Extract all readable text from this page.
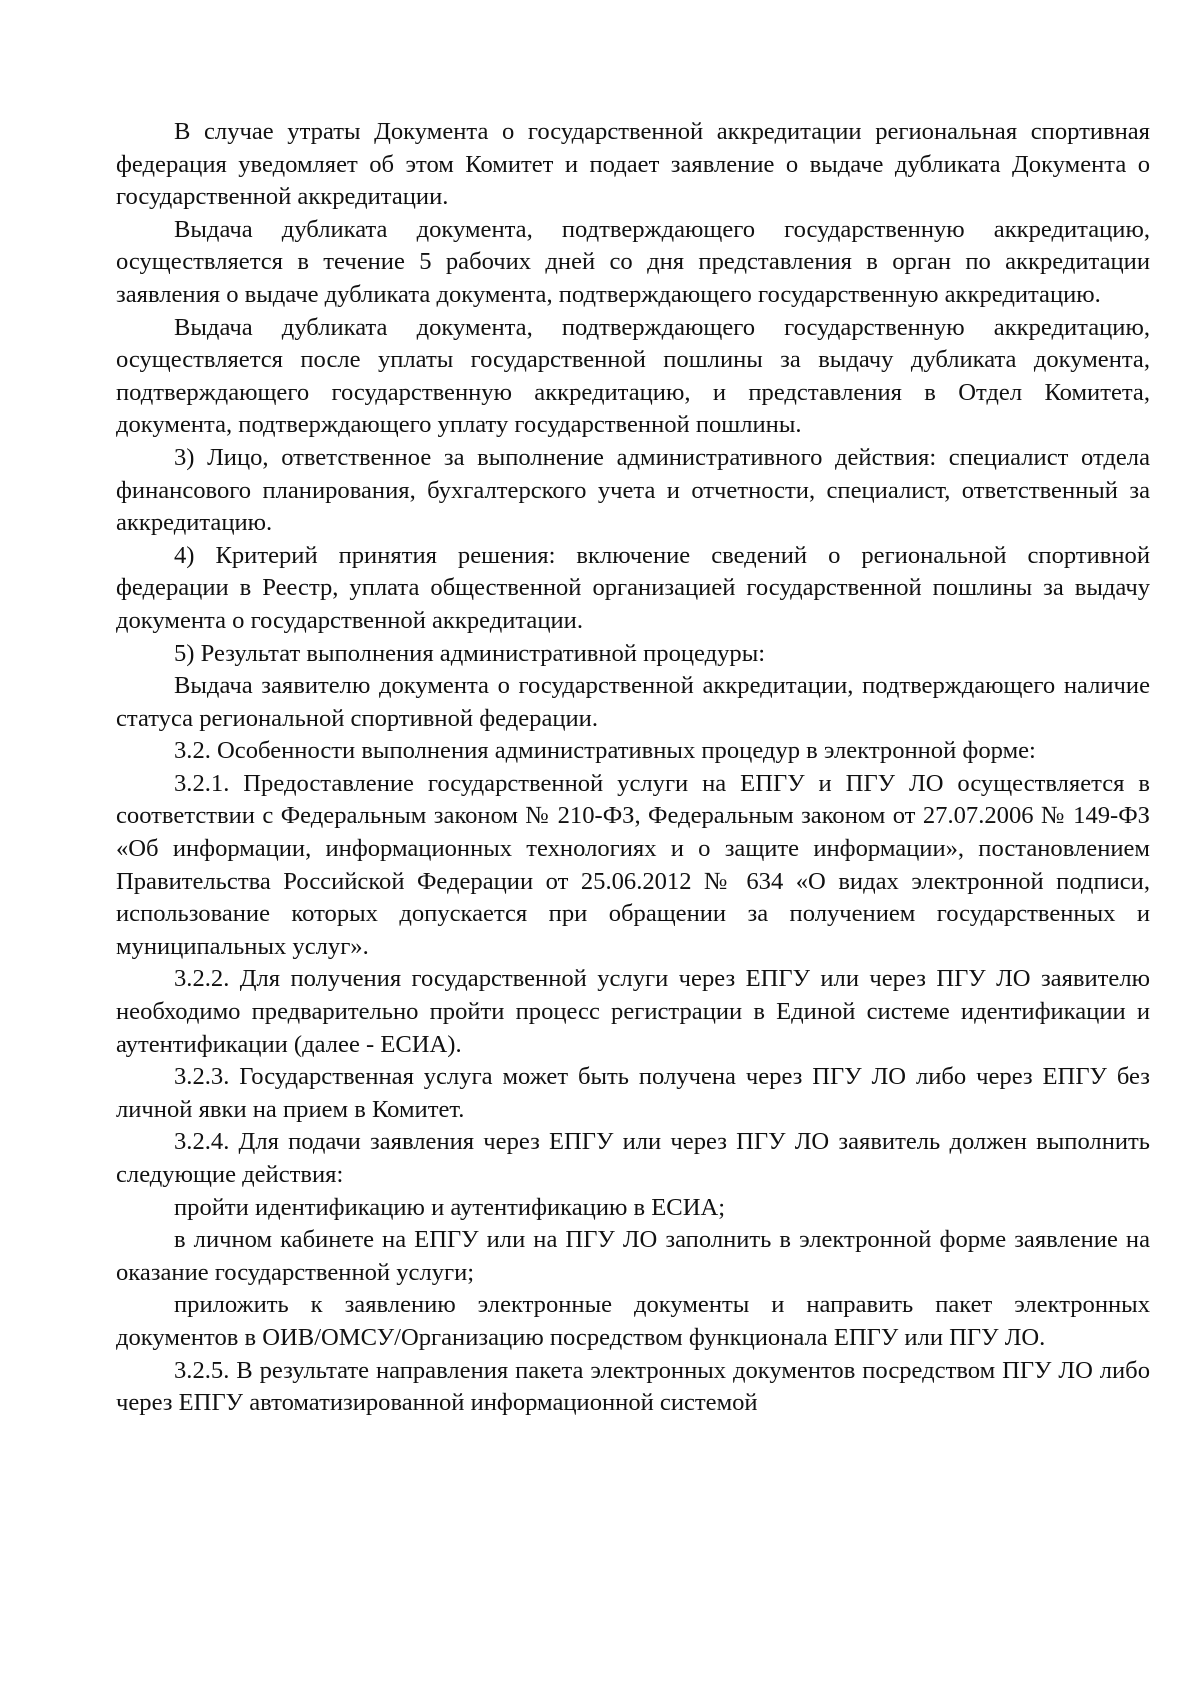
В случае утраты Документа о государственной аккредитации региональная спортивная федерация уведомляет об этом Комитет и подает заявление о выдаче дубликата Документа о государственной аккредитации.

Выдача дубликата документа, подтверждающего государственную аккредитацию, осуществляется в течение 5 рабочих дней со дня представления в орган по аккредитации заявления о выдаче дубликата документа, подтверждающего государственную аккредитацию.

Выдача дубликата документа, подтверждающего государственную аккредитацию, осуществляется после уплаты государственной пошлины за выдачу дубликата документа, подтверждающего государственную аккредитацию, и представления в Отдел Комитета, документа, подтверждающего уплату государственной пошлины.

3) Лицо, ответственное за выполнение административного действия: специалист отдела финансового планирования, бухгалтерского учета и отчетности, специалист, ответственный за аккредитацию.

4) Критерий принятия решения: включение сведений о региональной спортивной федерации в Реестр, уплата общественной организацией государственной пошлины за выдачу документа о государственной аккредитации.

5) Результат выполнения административной процедуры:

Выдача заявителю документа о государственной аккредитации, подтверждающего наличие статуса региональной спортивной федерации.

3.2. Особенности выполнения административных процедур в электронной форме:

3.2.1. Предоставление государственной услуги на ЕПГУ и ПГУ ЛО осуществляется в соответствии с Федеральным законом № 210-ФЗ, Федеральным законом от 27.07.2006 № 149-ФЗ «Об информации, информационных технологиях и о защите информации», постановлением Правительства Российской Федерации от 25.06.2012 № 634 «О видах электронной подписи, использование которых допускается при обращении за получением государственных и муниципальных услуг».

3.2.2. Для получения государственной услуги через ЕПГУ или через ПГУ ЛО заявителю необходимо предварительно пройти процесс регистрации в Единой системе идентификации и аутентификации (далее - ЕСИА).

3.2.3. Государственная услуга может быть получена через ПГУ ЛО либо через ЕПГУ без личной явки на прием в Комитет.

3.2.4. Для подачи заявления через ЕПГУ или через ПГУ ЛО заявитель должен выполнить следующие действия:

пройти идентификацию и аутентификацию в ЕСИА;

в личном кабинете на ЕПГУ или на ПГУ ЛО заполнить в электронной форме заявление на оказание государственной услуги;

приложить к заявлению электронные документы и направить пакет электронных документов в ОИВ/ОМСУ/Организацию посредством функционала ЕПГУ или ПГУ ЛО.

3.2.5. В результате направления пакета электронных документов посредством ПГУ ЛО либо через ЕПГУ автоматизированной информационной системой
